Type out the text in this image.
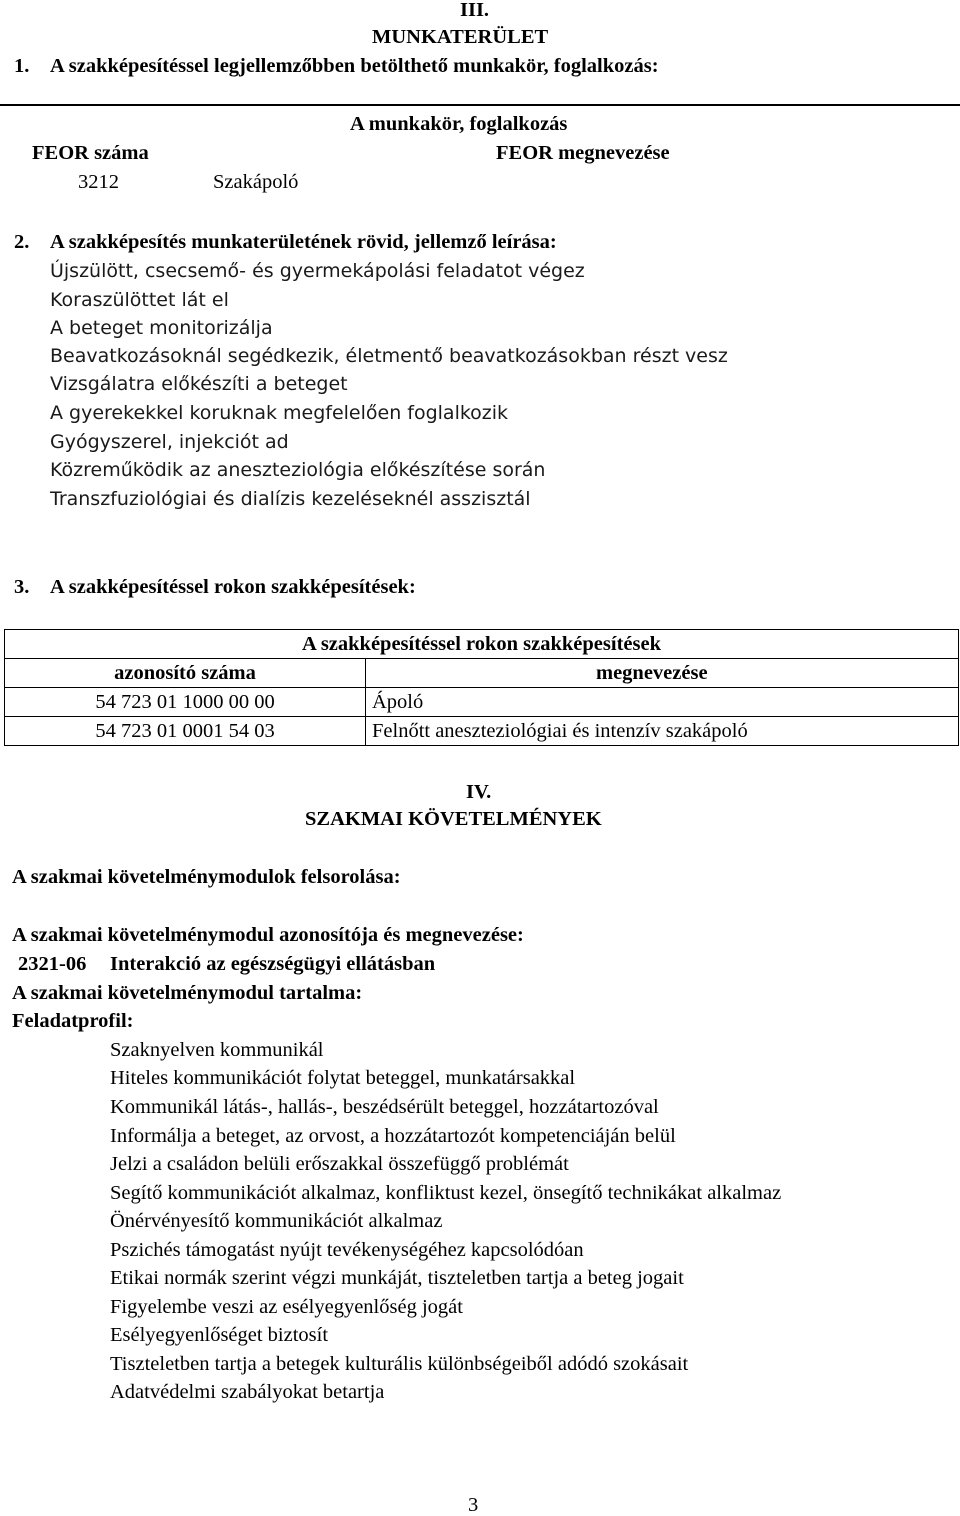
III.
MUNKATERÜLET
1. A szakképesítéssel legjellemzőbben betölthető munkakör, foglalkozás:
	A munkakör, foglalkozás
FEOR száma	FEOR megnevezése
3212	Szakápoló
2. A szakképesítés munkaterületének rövid, jellemző leírása:
Újszülött, csecsemő- és gyermekápolási feladatot végez
Koraszülöttet lát el
A beteget monitorizálja
Beavatkozásoknál segédkezik, életmentő beavatkozásokban részt vesz
Vizsgálatra előkészíti a beteget
A gyerekekkel koruknak megfelelően foglalkozik
Gyógyszerel, injekciót ad
Közreműködik az aneszteziológia előkészítése során
Transzfuziológiai és dialízis kezeléseknél asszisztál
3. A szakképesítéssel rokon szakképesítések:
A szakképesítéssel rokon szakképesítések	
azonosító száma	megnevezése
54 723 01 1000 00 00	Ápoló
54 723 01 0001 54 03	Felnőtt aneszteziológiai és intenzív szakápoló
IV.
SZAKMAI KÖVETELMÉNYEK
A szakmai követelménymodulok felsorolása:
A szakmai követelménymodul azonosítója és megnevezése:
2321-06 Interakció az egészségügyi ellátásban
A szakmai követelménymodul tartalma:
Feladatprofil:
Szaknyelven kommunikál
Hiteles kommunikációt folytat beteggel, munkatársakkal
Kommunikál látás-, hallás-, beszédsérült beteggel, hozzátartozóval
Informálja a beteget, az orvost, a hozzátartozót kompetenciáján belül
Jelzi a családon belüli erőszakkal összefüggő problémát
Segítő kommunikációt alkalmaz, konfliktust kezel, önsegítő technikákat alkalmaz
Önérvényesítő kommunikációt alkalmaz
Pszichés támogatást nyújt tevékenységéhez kapcsolódóan
Etikai normák szerint végzi munkáját, tiszteletben tartja a beteg jogait
Figyelembe veszi az esélyegyenlőség jogát
Esélyegyenlőséget biztosít
Tiszteletben tartja a betegek kulturális különbségeiből adódó szokásait
Adatvédelmi szabályokat betartja
3
